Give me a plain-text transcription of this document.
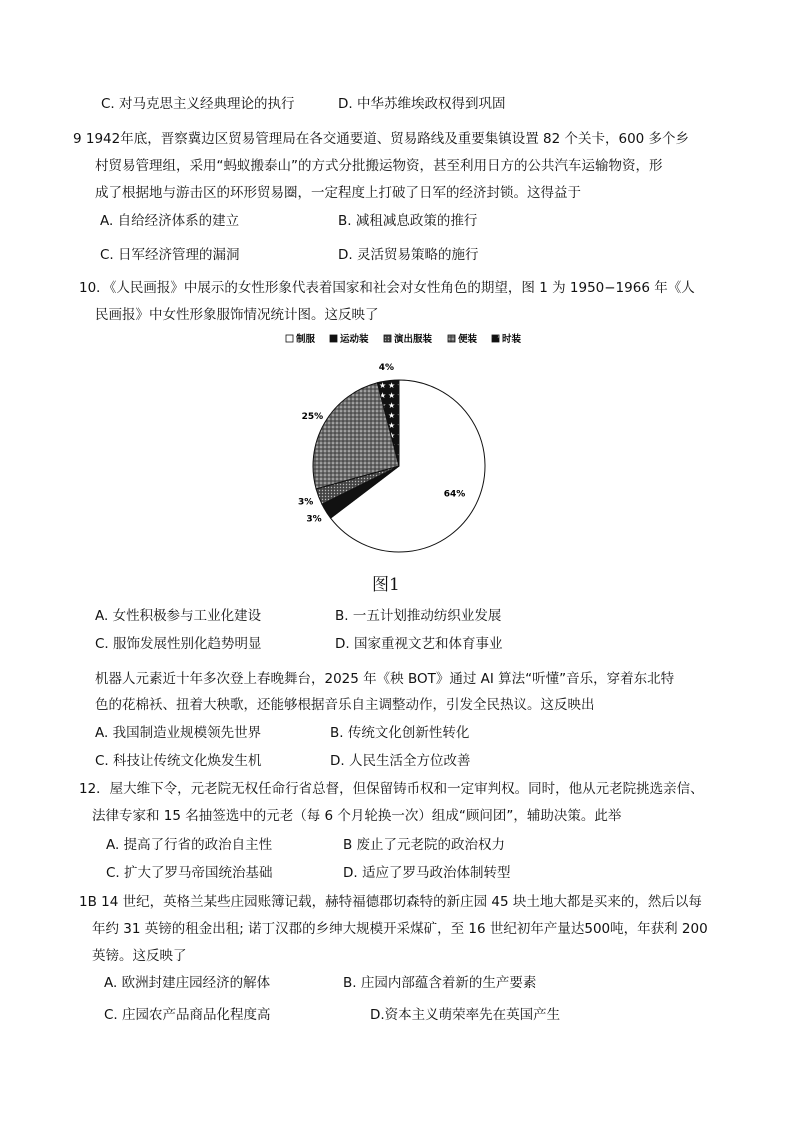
C. 对马克思主义经典理论的执行	D. 中华苏维埃政权得到巩固
9 1942年底，晋察冀边区贸易管理局在各交通要道、贸易路线及重要集镇设置 82 个关卡，600 多个乡
村贸易管理组，采用“蚂蚁搬泰山”的方式分批搬运物资，甚至利用日方的公共汽车运输物资，形
成了根据地与游击区的环形贸易圈，一定程度上打破了日军的经济封锁。这得益于
A. 自给经济体系的建立	B. 减租减息政策的推行
C. 日军经济管理的漏洞	D. 灵活贸易策略的施行
10．《人民画报》中展示的女性形象代表着国家和社会对女性角色的期望，图 1 为 1950−1966 年《人
民画报》中女性形象服饰情况统计图。这反映了
制服	运动装	演出服装	便装	时装
64%
3%
3%
25%
4%
图1
A. 女性积极参与工业化建设	B. 一五计划推动纺织业发展
C. 服饰发展性别化趋势明显	D. 国家重视文艺和体育事业
机器人元素近十年多次登上春晚舞台，2025 年《秧 BOT》通过 AI 算法“听懂”音乐，穿着东北特
色的花棉袄、扭着大秧歌，还能够根据音乐自主调整动作，引发全民热议。这反映出
A. 我国制造业规模领先世界	B. 传统文化创新性转化
C. 科技让传统文化焕发生机	D. 人民生活全方位改善
12．屋大维下令，元老院无权任命行省总督，但保留铸币权和一定审判权。同时，他从元老院挑选亲信、
法律专家和 15 名抽签选中的元老（每 6 个月轮换一次）组成“顾问团”，辅助决策。此举
A. 提高了行省的政治自主性	B 废止了元老院的政治权力
C. 扩大了罗马帝国统治基础	D. 适应了罗马政治体制转型
1B 14 世纪，英格兰某些庄园账簿记载，赫特福德郡切森特的新庄园 45 块土地大都是买来的，然后以每
年约 31 英镑的租金出租; 诺丁汉郡的乡绅大规模开采煤矿，至 16 世纪初年产量达500吨，年获利 200
英镑。这反映了
A. 欧洲封建庄园经济的解体	B. 庄园内部蕴含着新的生产要素
C. 庄园农产品商品化程度高	D.资本主义萌荣率先在英国产生
